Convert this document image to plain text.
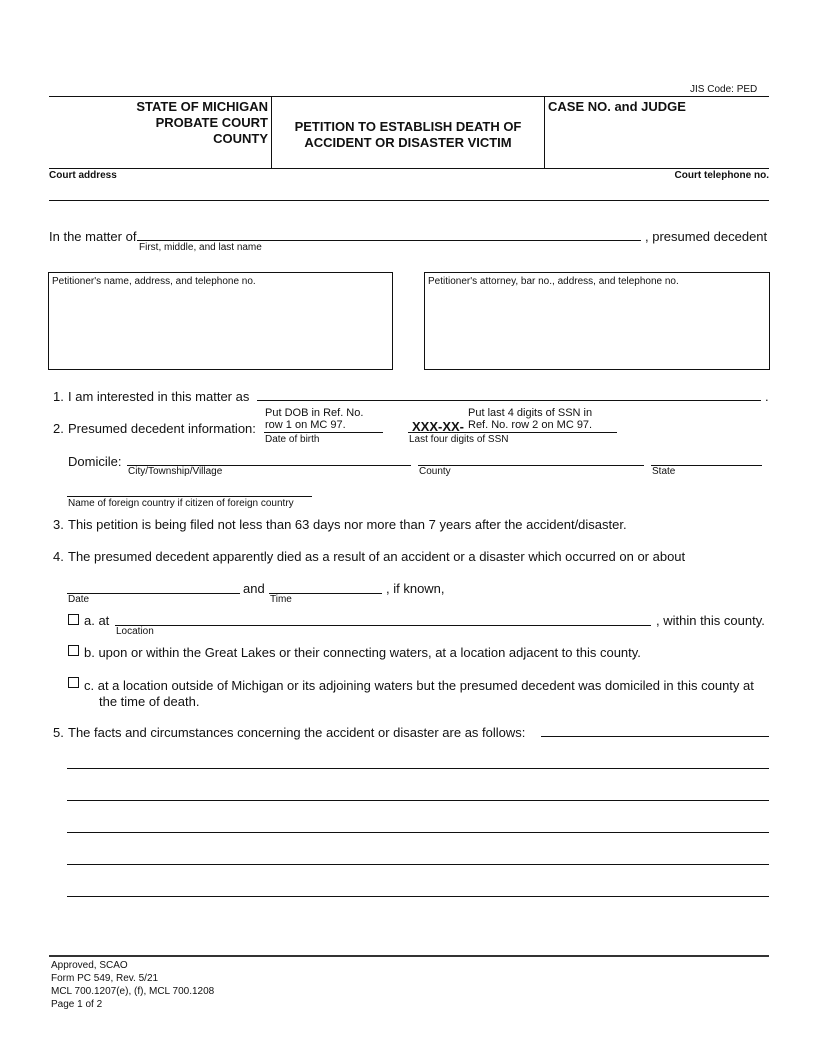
JIS Code: PED
STATE OF MICHIGAN
PROBATE COURT
COUNTY
PETITION TO ESTABLISH DEATH OF
ACCIDENT OR DISASTER VICTIM
CASE NO. and JUDGE
Court address	Court telephone no.
In the matter of	, presumed decedent
First, middle, and last name
Petitioner's name, address, and telephone no.	Petitioner's attorney, bar no., address, and telephone no.
1. I am interested in this matter as	.
2. Presumed decedent information:
Put DOB in Ref. No.
row 1 on MC 97.
Date of birth
Put last 4 digits of SSN in
XXX-XX- Ref. No. row 2 on MC 97.
Last four digits of SSN
Domicile:
City/Township/Village	County	State
Name of foreign country if citizen of foreign country
3. This petition is being filed not less than 63 days nor more than 7 years after the accident/disaster.
4. The presumed decedent apparently died as a result of an accident or a disaster which occurred on or about
Date
and
Time
, if known,
a. at
Location
, within this county.
b. upon or within the Great Lakes or their connecting waters, at a location adjacent to this county.
c. at a location outside of Michigan or its adjoining waters but the presumed decedent was domiciled in this county at
the time of death.
5. The facts and circumstances concerning the accident or disaster are as follows:
Approved, SCAO
Form PC 549, Rev. 5/21
MCL 700.1207(e), (f), MCL 700.1208
Page 1 of 2
